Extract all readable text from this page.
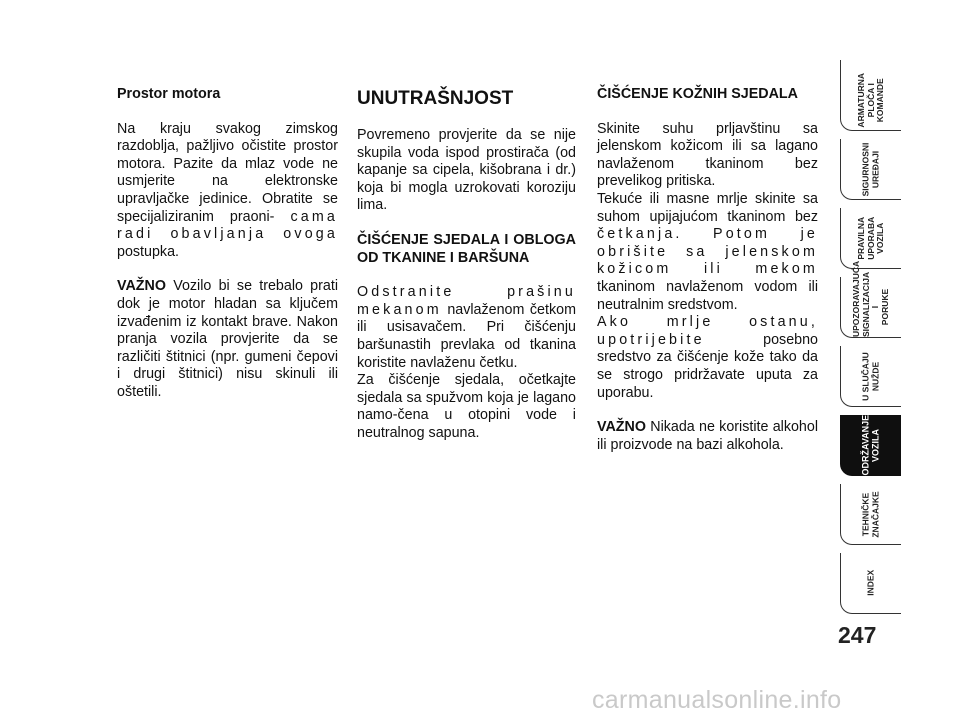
Prostor motora

Na kraju svakog zimskog razdoblja, pažljivo očistite prostor motora. Pazite da mlaz vode ne usmjerite na elektronske upravljačke jedinice. Obratite se specijaliziranim praoni- cama radi obavljanja ovoga postupka.

VAŽNO Vozilo bi se trebalo prati dok je motor hladan sa ključem izvađenim iz kontakt brave. Nakon pranja vozila provjerite da se različiti štitnici (npr. gumeni čepovi i drugi štitnici) nisu skinuli ili oštetili.

UNUTRAŠNJOST

Povremeno provjerite da se nije skupila voda ispod prostirača (od kapanje sa cipela, kišobrana i dr.) koja bi mogla uzrokovati koroziju lima.

ČIŠĆENJE SJEDALA I OBLOGA OD TKANINE I BARŠUNA

Odstranite prašinu mekanom navlaženom četkom ili usisavačem. Pri čišćenju baršunastih prevlaka od tkanina koristite navlaženu četku.

Za čišćenje sjedala, očetkajte sjedala sa spužvom koja je lagano namo-čena u otopini vode i neutralnog sapuna.

ČIŠĆENJE KOŽNIH SJEDALA

Skinite suhu prljavštinu sa jelenskom kožicom ili sa lagano navlaženom tkaninom bez prevelikog pritiska.

Tekuće ili masne mrlje skinite sa suhom upijajućom tkaninom bez četkanja. Potom je obrišite sa jelenskom kožicom ili mekom tkaninom navlaženom vodom ili neutralnim sredstvom.

Ako mrlje ostanu, upotrijebite	posebno sredstvo za čišćenje kože tako da se strogo pridržavate uputa za uporabu.

VAŽNO Nikada ne koristite alkohol ili proizvode na bazi alkohola.

ARMATURNA
PLOČA I
KOMANDE
SIGURNOSNI
UREĐAJI
PRAVILNA
UPORABA
VOZILA
UPOZORAVAJUĆA
SIGNALIZACIJA I
PORUKE
U SLUČAJU
NUŽDE
ODRŽAVANJE
VOZILA
TEHNIČKE
ZNAČAJKE
INDEX
247
carmanualsonline.info
